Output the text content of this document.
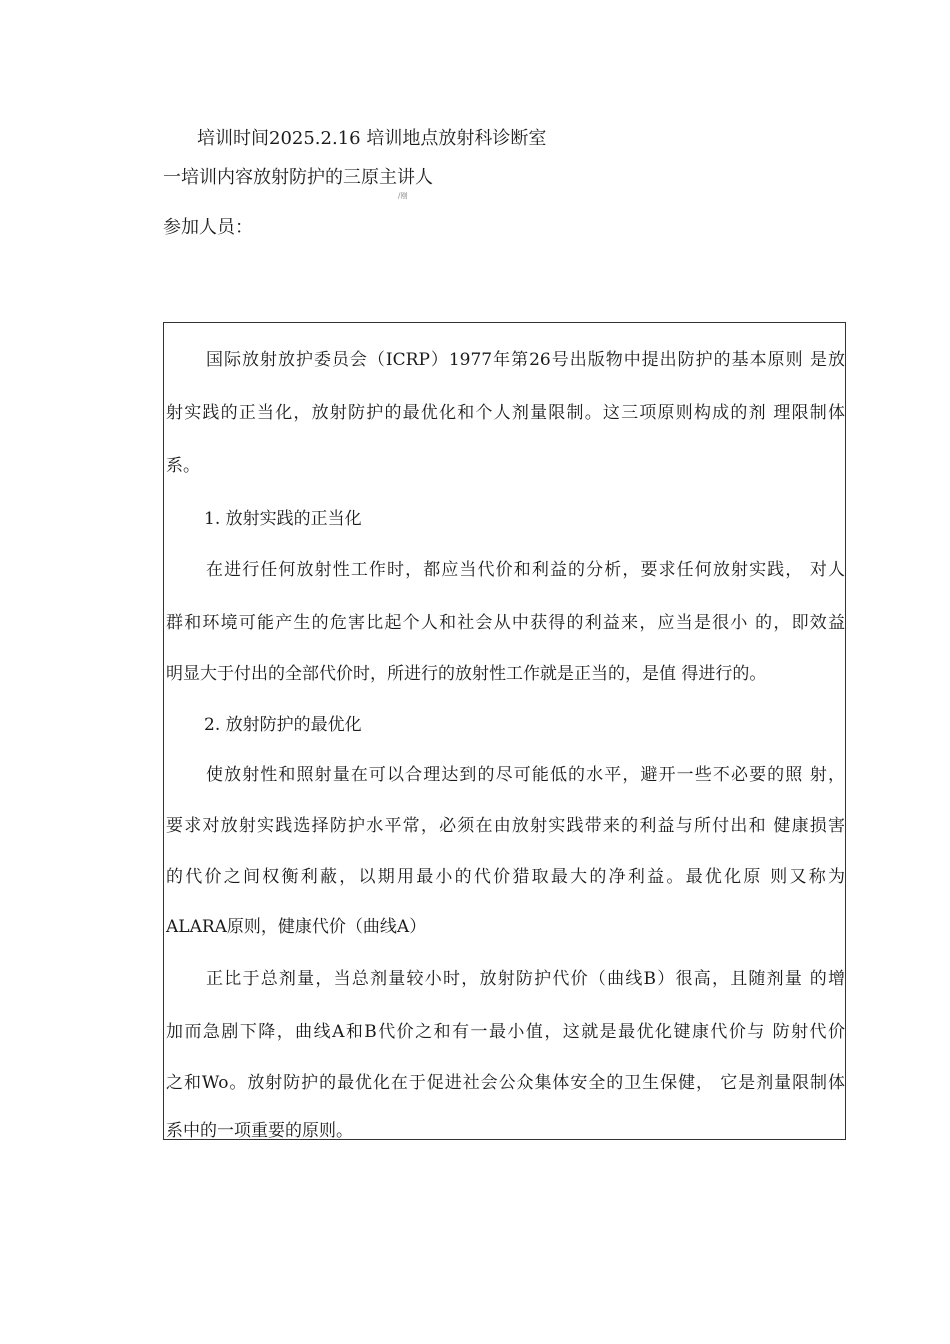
培训时间2025.2.16 培训地点放射科诊断室
一培训内容放射防护的三原主讲人
/刚
参加人员：
国际放射放护委员会（ICRP）1977年第26号出版物中提出防护的基本原则 是放
射实践的正当化，放射防护的最优化和个人剂量限制。这三项原则构成的剂 理限制体
系。
1. 放射实践的正当化
在进行任何放射性工作时，都应当代价和利益的分析，要求任何放射实践， 对人
群和环境可能产生的危害比起个人和社会从中获得的利益来，应当是很小 的，即效益
明显大于付出的全部代价时，所进行的放射性工作就是正当的，是值 得进行的。
2. 放射防护的最优化
使放射性和照射量在可以合理达到的尽可能低的水平，避开一些不必要的照 射，
要求对放射实践选择防护水平常，必须在由放射实践带来的利益与所付出和 健康损害
的代价之间权衡利蔽，以期用最小的代价猎取最大的净利益。最优化原 则又称为
ALARA原则，健康代价（曲线A）
正比于总剂量，当总剂量较小时，放射防护代价（曲线B）很高，且随剂量 的增
加而急剧下降，曲线A和B代价之和有一最小值，这就是最优化键康代价与 防射代价
之和Wo。放射防护的最优化在于促进社会公众集体安全的卫生保健， 它是剂量限制体
系中的一项重要的原则。
